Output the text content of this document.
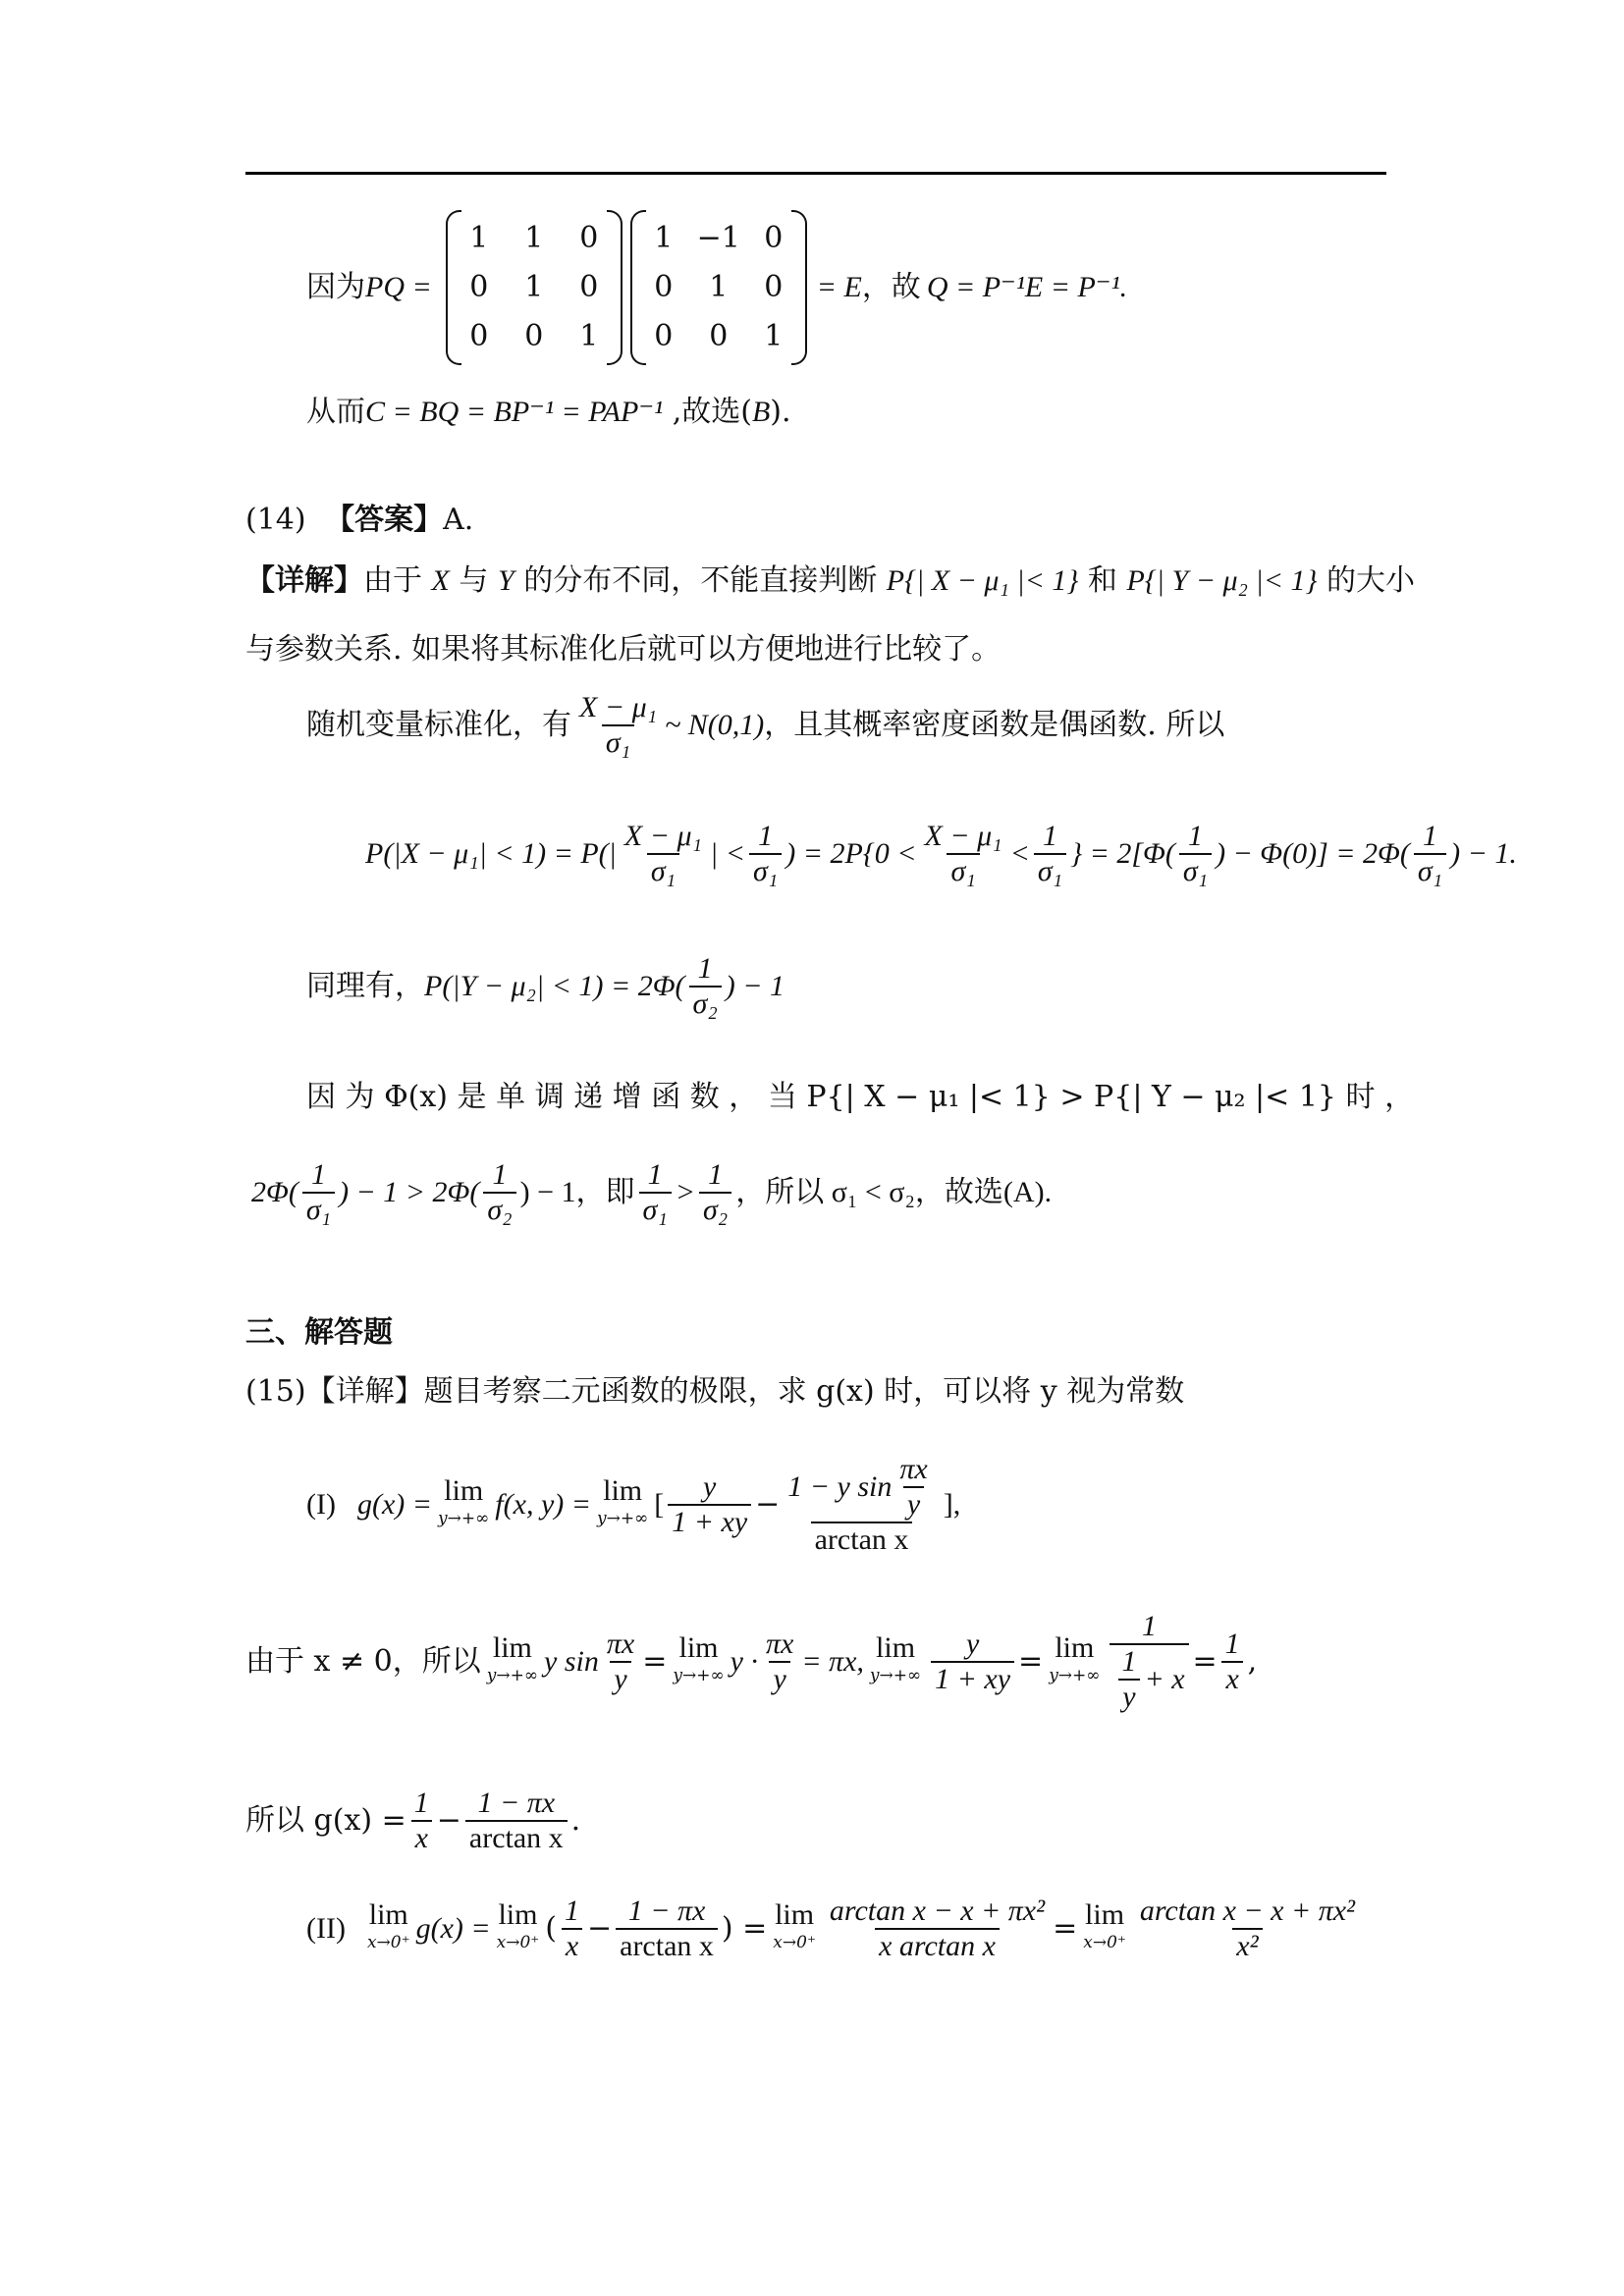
因为 PQ =
1	1	0
0	1	0
0	0	1
1	−1	0
0	1	0
0	0	1
= E ，故 Q = P⁻¹E = P⁻¹.
从而C = BQ = BP⁻¹ = PAP⁻¹ ,故选(B).
(14) 【答案】A.
【详解】由于 X 与 Y 的分布不同，不能直接判断 P{| X − μ₁ |< 1} 和 P{| Y − μ₂ |< 1} 的大小
与参数关系. 如果将其标准化后就可以方便地进行比较了。
随机变量标准化，有 $\frac{\text{X − μ₁}}{\text{σ₁}}$ ~ N(0,1) ，且其概率密度函数是偶函数. 所以
$P(|X - \mu_1| < 1) = P(| \frac{\text{X − μ₁}}{\text{σ₁}}$ | < $\frac{1}{\text{σ₁}}$ ) = $2P\{0 < \frac{\text{X − μ₁}}{\text{σ₁}} < \frac{1}{\text{σ₁}}$ } = $2[\Phi( \frac{1}{\text{σ₁}}$ ) − $\Phi(0)] = 2\Phi( \frac{1}{\text{σ₁}}$ ) − 1.
同理有， $P(|Y - \mu_2| < 1) = 2\Phi( \frac{1}{\text{σ₂}}$ ) − 1
因 为 Φ(x) 是 单 调 递 增 函 数 ， 当 P{| X − μ₁ |< 1} > P{| Y − μ₂ |< 1} 时 ，
$2\Phi( \frac{1}{\text{σ₁}}$ ) − $1 > 2\Phi( \frac{1}{\text{σ₂}}$ ) − 1，即 $\frac{1}{\text{σ₁}} > \frac{1}{\text{σ₂}}$ ，所以 σ₁ < σ₂，故选(A).
三、解答题
(15)【详解】题目考察二元函数的极限，求 g(x) 时，可以将 y 视为常数
(I) g(x) = lim
y→+∞ f(x, y) = lim
y→+∞ [ $\frac{y}{1 + xy} - \frac{1 - y \sin \frac{\pi x}{y}}{\text{arctan x}}$ ],
由于 x ≠ 0，所以 lim
y→+∞ y $\sin \frac{\pi x}{y} = \lim$
y→+∞ $y \cdot \frac{\pi x}{y} = \pi x$, lim
$y\to+\infty \frac{y}{1 + xy} = \lim$
$y\to+\infty \frac{1}{\frac{1}{y} + x} = \frac{1}{x}$ ,
所以 $g(x) = \frac{1}{x} - \frac{1 - \pi x}{\text{arctan x}}$ .
(II) lim
x→0⁺ g(x) = lim
x→0⁺ ( $\frac{1}{x} - \frac{1 - \pi x}{\text{arctan x}}$ ) = lim
$x\to 0^+ \frac{\text{arctan x − x + πx²}}{\text{x arctan x}} = \lim$
$x\to 0^+ \frac{\text{arctan x − x + πx²}}{\text{x²}}$
